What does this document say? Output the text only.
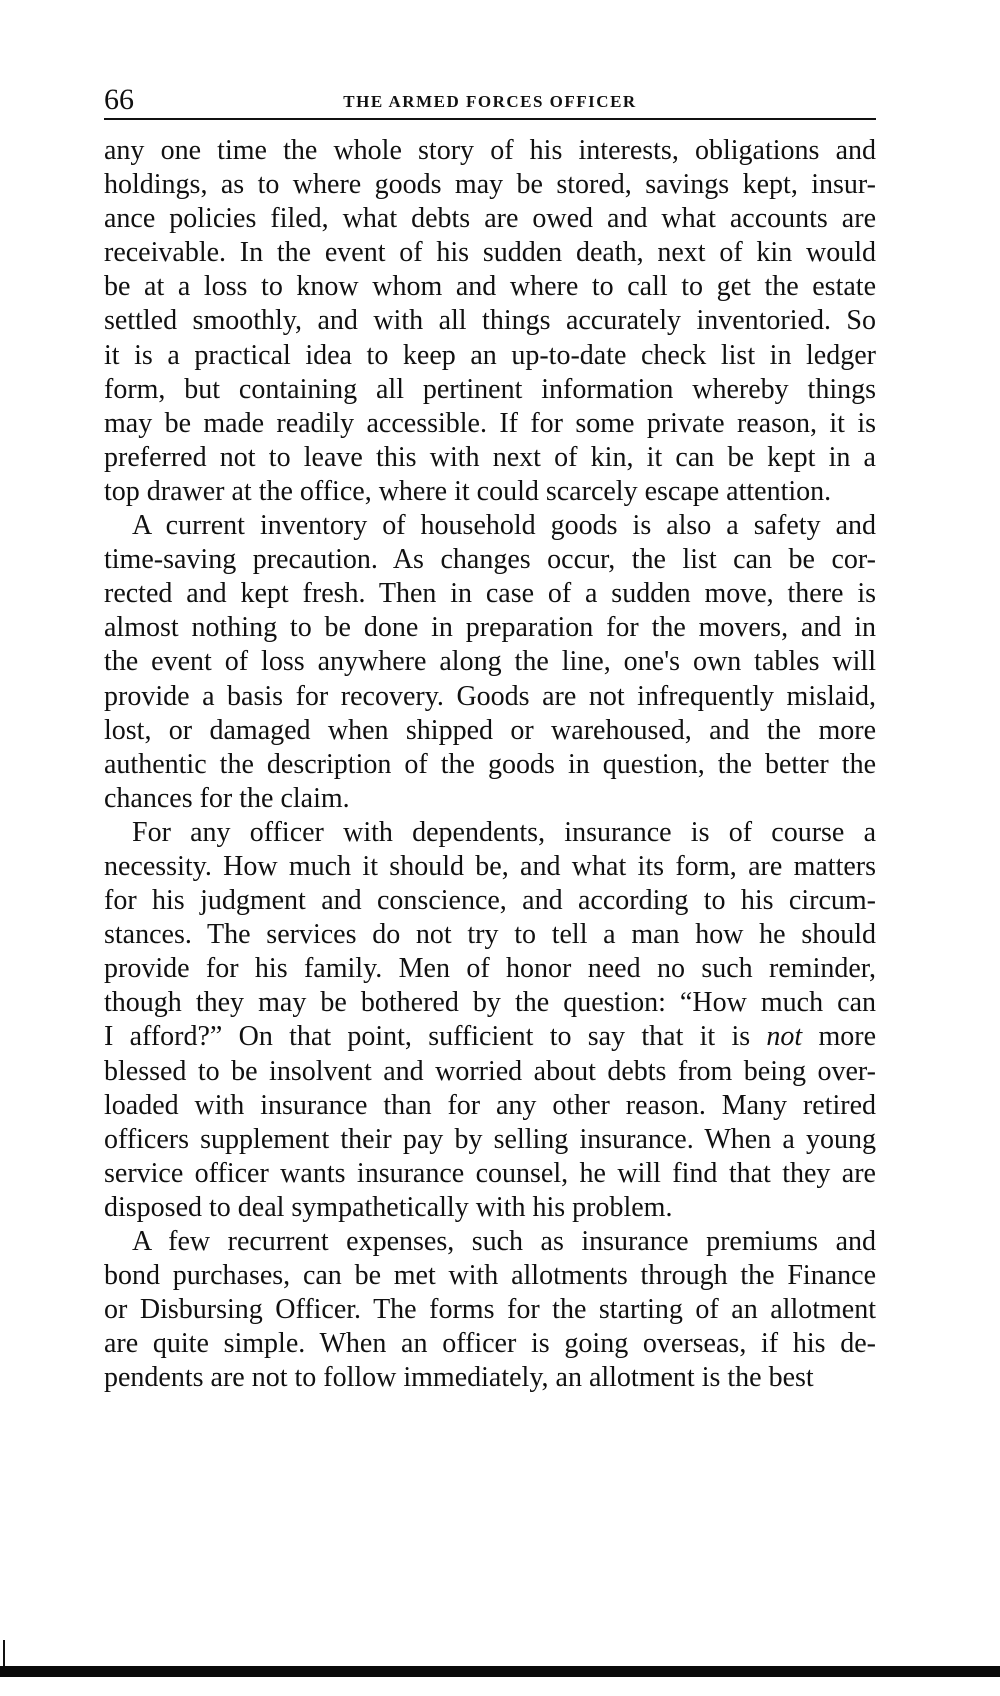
66	THE ARMED FORCES OFFICER
any one time the whole story of his interests, obligations and
holdings, as to where goods may be stored, savings kept, insur-
ance policies filed, what debts are owed and what accounts are
receivable. In the event of his sudden death, next of kin would
be at a loss to know whom and where to call to get the estate
settled smoothly, and with all things accurately inventoried. So
it is a practical idea to keep an up-to-date check list in ledger
form, but containing all pertinent information whereby things
may be made readily accessible. If for some private reason, it is
preferred not to leave this with next of kin, it can be kept in a
top drawer at the office, where it could scarcely escape attention.
A current inventory of household goods is also a safety and
time-saving precaution. As changes occur, the list can be cor-
rected and kept fresh. Then in case of a sudden move, there is
almost nothing to be done in preparation for the movers, and in
the event of loss anywhere along the line, one's own tables will
provide a basis for recovery. Goods are not infrequently mislaid,
lost, or damaged when shipped or warehoused, and the more
authentic the description of the goods in question, the better the
chances for the claim.
For any officer with dependents, insurance is of course a
necessity. How much it should be, and what its form, are matters
for his judgment and conscience, and according to his circum-
stances. The services do not try to tell a man how he should
provide for his family. Men of honor need no such reminder,
though they may be bothered by the question: “How much can
I afford?” On that point, sufficient to say that it is not more
blessed to be insolvent and worried about debts from being over-
loaded with insurance than for any other reason. Many retired
officers supplement their pay by selling insurance. When a young
service officer wants insurance counsel, he will find that they are
disposed to deal sympathetically with his problem.
A few recurrent expenses, such as insurance premiums and
bond purchases, can be met with allotments through the Finance
or Disbursing Officer. The forms for the starting of an allotment
are quite simple. When an officer is going overseas, if his de-
pendents are not to follow immediately, an allotment is the best
